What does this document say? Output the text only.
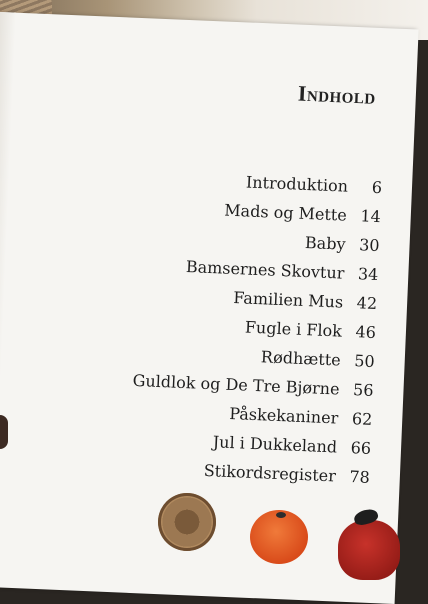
Indhold
Introduktion	6
Mads og Mette 14
Baby 30
Bamsernes Skovtur 34
Familien Mus 42
Fugle i Flok 46
Rødhætte 50
Guldlok og De Tre Bjørne 56
Påskekaniner 62
Jul i Dukkeland 66
Stikordsregister 78
